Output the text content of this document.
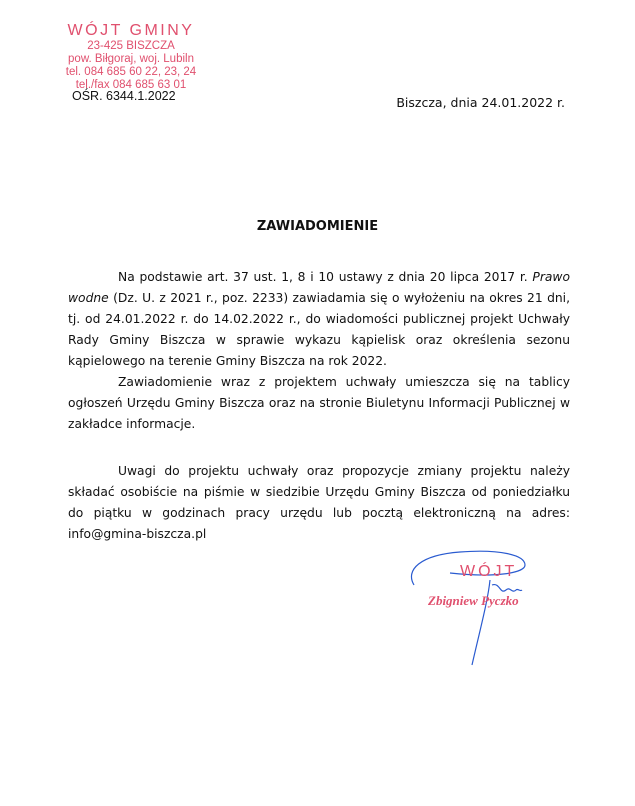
WÓJT GMINY
23-425 BISZCZA
pow. Biłgoraj, woj. Lubiln
tel. 084 685 60 22, 23, 24
tel./fax 084 685 63 01
OŚR. 6344.1.2022	Biszcza, dnia 24.01.2022 r.
ZAWIADOMIENIE

Na podstawie art. 37 ust. 1, 8 i 10 ustawy z dnia 20 lipca 2017 r. Prawo wodne (Dz. U. z 2021 r., poz. 2233) zawiadamia się o wyłożeniu na okres 21 dni, tj. od 24.01.2022 r. do 14.02.2022 r., do wiadomości publicznej projekt Uchwały Rady Gminy Biszcza w sprawie wykazu kąpielisk oraz określenia sezonu kąpielowego na terenie Gminy Biszcza na rok 2022.

Zawiadomienie wraz z projektem uchwały umieszcza się na tablicy ogłoszeń Urzędu Gminy Biszcza oraz na stronie Biuletynu Informacji Publicznej w zakładce informacje.

Uwagi do projektu uchwały oraz propozycje zmiany projektu należy składać osobiście na piśmie w siedzibie Urzędu Gminy Biszcza od poniedziałku do piątku w godzinach pracy urzędu lub pocztą elektroniczną na adres: info@gmina-biszcza.pl

WÓJT
Zbigniew Pyczko
